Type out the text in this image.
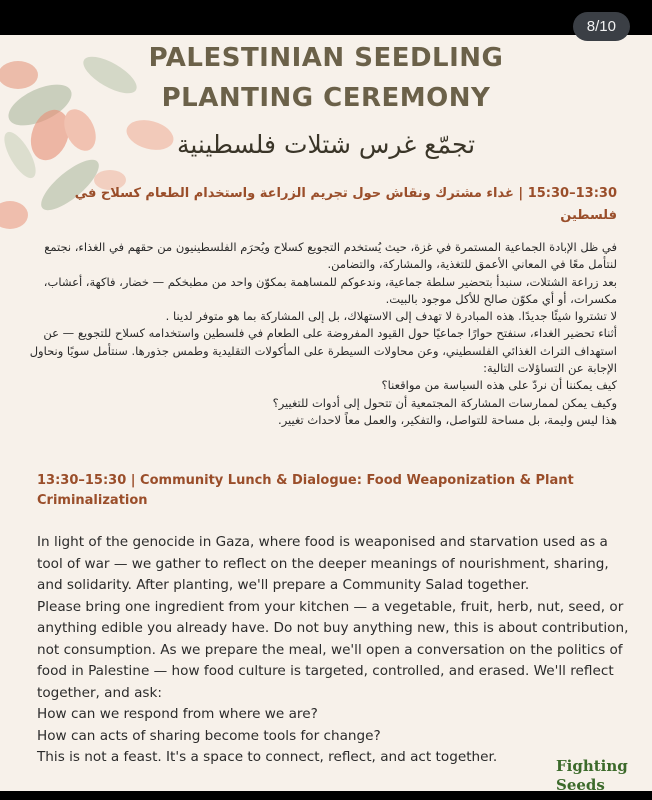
PALESTINIAN SEEDLING
PLANTING CEREMONY
تجمّع غرس شتلات فلسطينية
13:30–15:30 | غداء مشترك ونقاش حول تجريم الزراعة واستخدام الطعام كسلاح في فلسطين

في ظل الإبادة الجماعية المستمرة في غزة، حيث يُستخدم التجويع كسلاح ويُحرَم الفلسطينيون من حقهم في الغذاء، نجتمع لنتأمل معًا في المعاني الأعمق للتغذية، والمشاركة، والتضامن.

بعد زراعة الشتلات، سنبدأ بتحضير سلطة جماعية، وندعوكم للمساهمة بمكوّن واحد من مطبخكم — خضار، فاكهة، أعشاب، مكسرات، أو أي مكوّن صالح للأكل موجود بالبيت.

لا تشتروا شيئًا جديدًا. هذه المبادرة لا تهدف إلى الاستهلاك، بل إلى المشاركة بما هو متوفر لدينا .

أثناء تحضير الغداء، سنفتح حوارًا جماعيًا حول القيود المفروضة على الطعام في فلسطين واستخدامه كسلاح للتجويع — عن استهداف التراث الغذائي الفلسطيني، وعن محاولات السيطرة على المأكولات التقليدية وطمس جذورها. سنتأمل سويًا ونحاول الإجابة عن التساؤلات التالية:

كيف يمكننا أن نردّ على هذه السياسة من مواقعنا؟

وكيف يمكن لممارسات المشاركة المجتمعية أن تتحول إلى أدوات للتغيير؟

هذا ليس وليمة، بل مساحة للتواصل، والتفكير، والعمل معاً لاحداث تغيير.

13:30–15:30 | Community Lunch & Dialogue: Food Weaponization & Plant Criminalization

In light of the genocide in Gaza, where food is weaponised and starvation used as a tool of war — we gather to reflect on the deeper meanings of nourishment, sharing, and solidarity. After planting, we'll prepare a Community Salad together.

Please bring one ingredient from your kitchen — a vegetable, fruit, herb, nut, seed, or anything edible you already have. Do not buy anything new, this is about contribution, not consumption. As we prepare the meal, we'll open a conversation on the politics of food in Palestine — how food culture is targeted, controlled, and erased. We'll reflect together, and ask:

How can we respond from where we are?

How can acts of sharing become tools for change?

This is not a feast. It's a space to connect, reflect, and act together.	Fighting
Seeds
8/10
